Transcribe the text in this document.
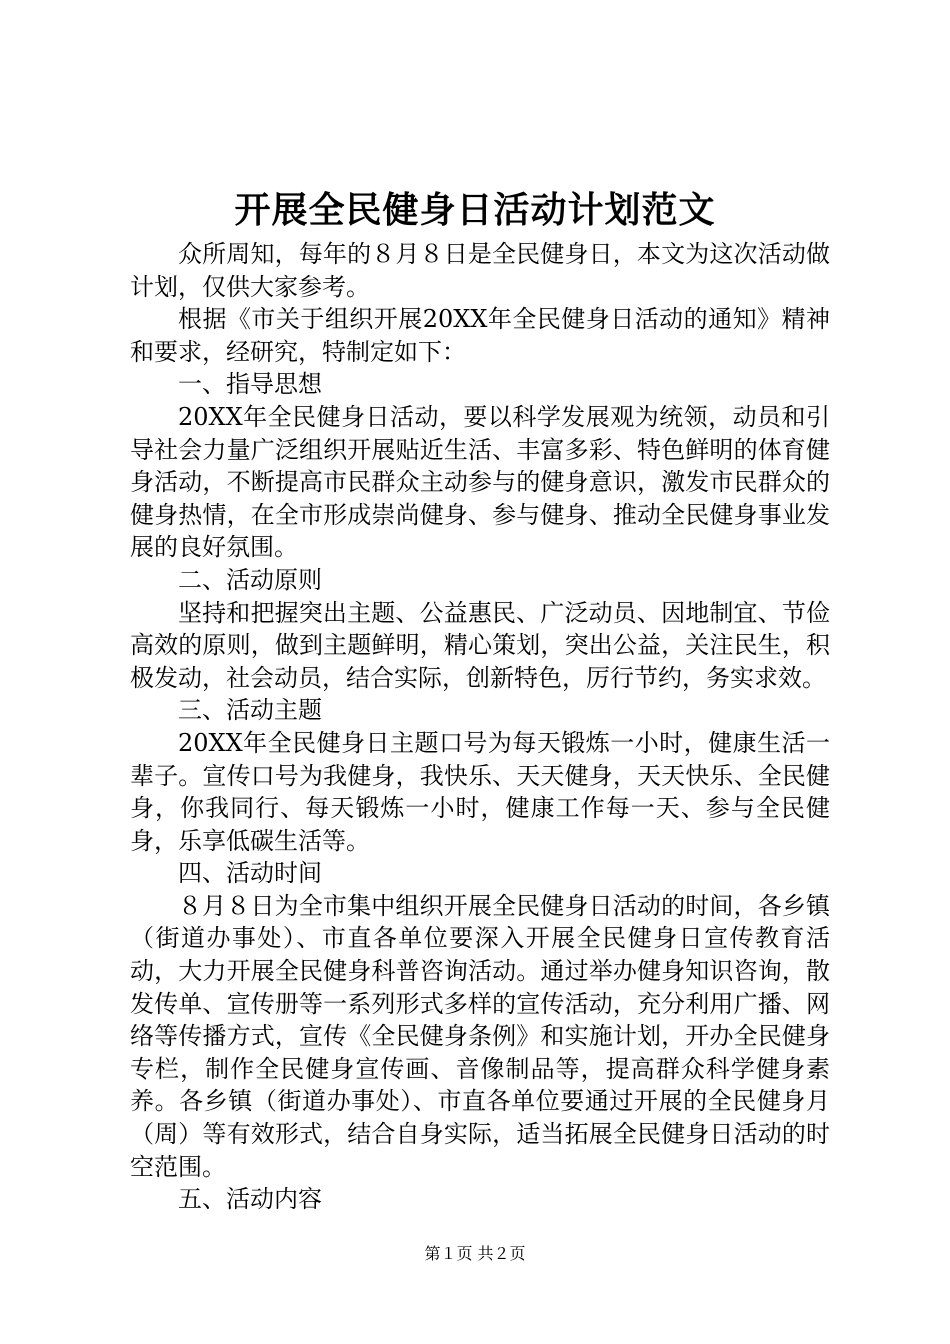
开展全民健身日活动计划范文

众所周知，每年的８月８日是全民健身日，本文为这次活动做计划，仅供大家参考。

根据《市关于组织开展20XX年全民健身日活动的通知》精神和要求，经研究，特制定如下：

一、指导思想

20XX年全民健身日活动，要以科学发展观为统领，动员和引导社会力量广泛组织开展贴近生活、丰富多彩、特色鲜明的体育健身活动，不断提高市民群众主动参与的健身意识，激发市民群众的健身热情，在全市形成崇尚健身、参与健身、推动全民健身事业发展的良好氛围。

二、活动原则

坚持和把握突出主题、公益惠民、广泛动员、因地制宜、节俭高效的原则，做到主题鲜明，精心策划，突出公益，关注民生，积极发动，社会动员，结合实际，创新特色，厉行节约，务实求效。

三、活动主题

20XX年全民健身日主题口号为每天锻炼一小时，健康生活一辈子。宣传口号为我健身，我快乐、天天健身，天天快乐、全民健身，你我同行、每天锻炼一小时，健康工作每一天、参与全民健身，乐享低碳生活等。

四、活动时间

８月８日为全市集中组织开展全民健身日活动的时间，各乡镇（街道办事处）、市直各单位要深入开展全民健身日宣传教育活动，大力开展全民健身科普咨询活动。通过举办健身知识咨询，散发传单、宣传册等一系列形式多样的宣传活动，充分利用广播、网络等传播方式，宣传《全民健身条例》和实施计划，开办全民健身专栏，制作全民健身宣传画、音像制品等，提高群众科学健身素养。各乡镇（街道办事处）、市直各单位要通过开展的全民健身月（周）等有效形式，结合自身实际，适当拓展全民健身日活动的时空范围。

五、活动内容

第１页 共２页
